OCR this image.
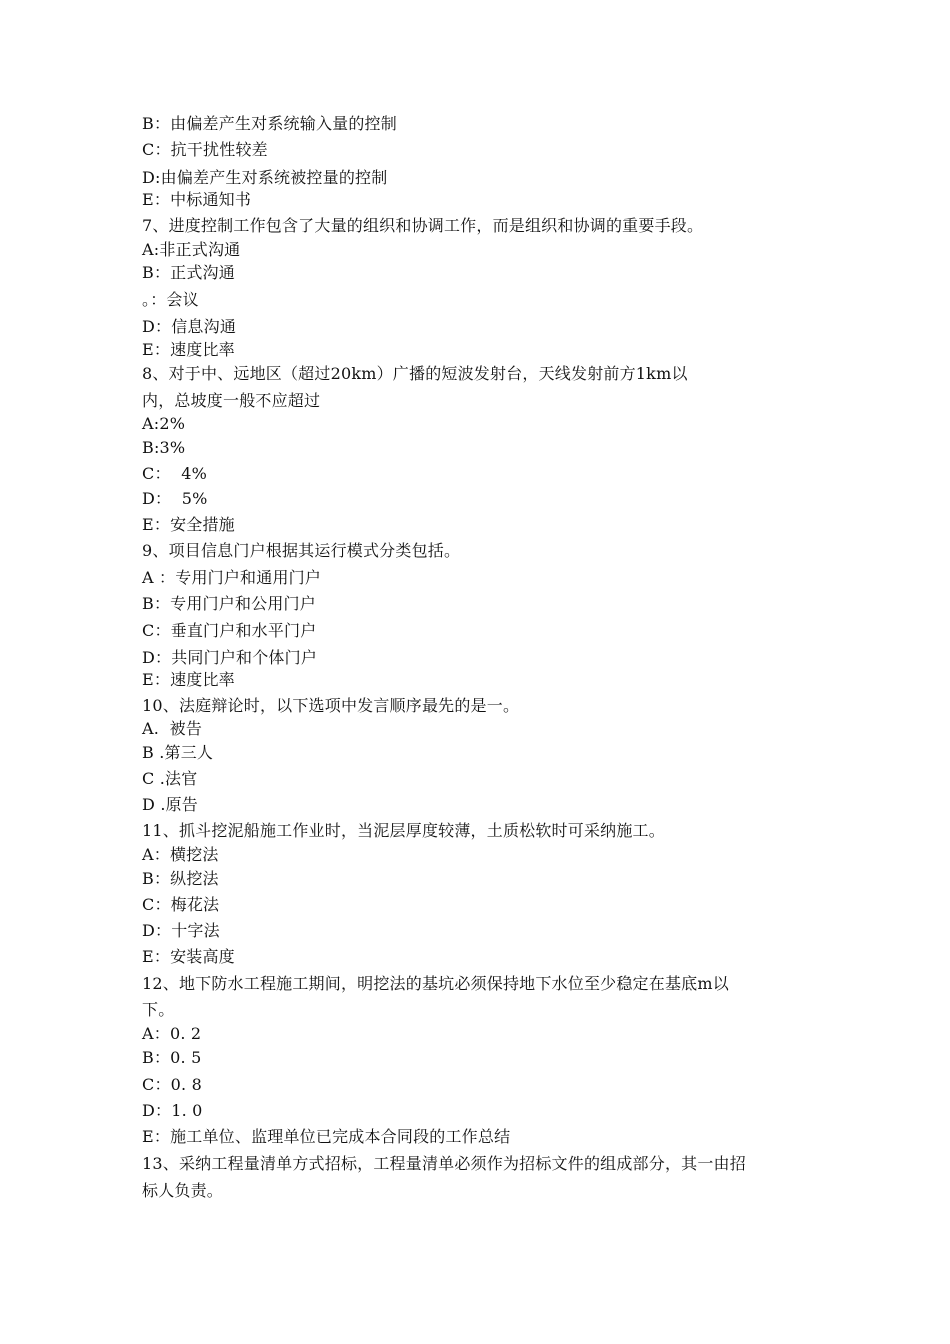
B：由偏差产生对系统输入量的控制
C：抗干扰性较差
D:由偏差产生对系统被控量的控制
E：中标通知书
7、进度控制工作包含了大量的组织和协调工作，而是组织和协调的重要手段。
A:非正式沟通
B：正式沟通
。：会议
D：信息沟通
E：速度比率
8、对于中、远地区（超过20km）广播的短波发射台，天线发射前方1km以
内，总坡度一般不应超过
A:2%
B:3%
C：  4%
D：  5%
E：安全措施
9、项目信息门户根据其运行模式分类包括。
A ：专用门户和通用门户
B：专用门户和公用门户
C：垂直门户和水平门户
D：共同门户和个体门户
E：速度比率
10、法庭辩论时，以下选项中发言顺序最先的是一。
A.  被告
B .第三人
C .法官
D .原告
11、抓斗挖泥船施工作业时，当泥层厚度较薄，土质松软时可采纳施工。
A：横挖法
B：纵挖法
C：梅花法
D：十字法
E：安装高度
12、地下防水工程施工期间，明挖法的基坑必须保持地下水位至少稳定在基底m以
下。
A：0. 2
B：0. 5
C：0. 8
D：1. 0
E：施工单位、监理单位已完成本合同段的工作总结
13、采纳工程量清单方式招标，工程量清单必须作为招标文件的组成部分，其一由招
标人负责。
